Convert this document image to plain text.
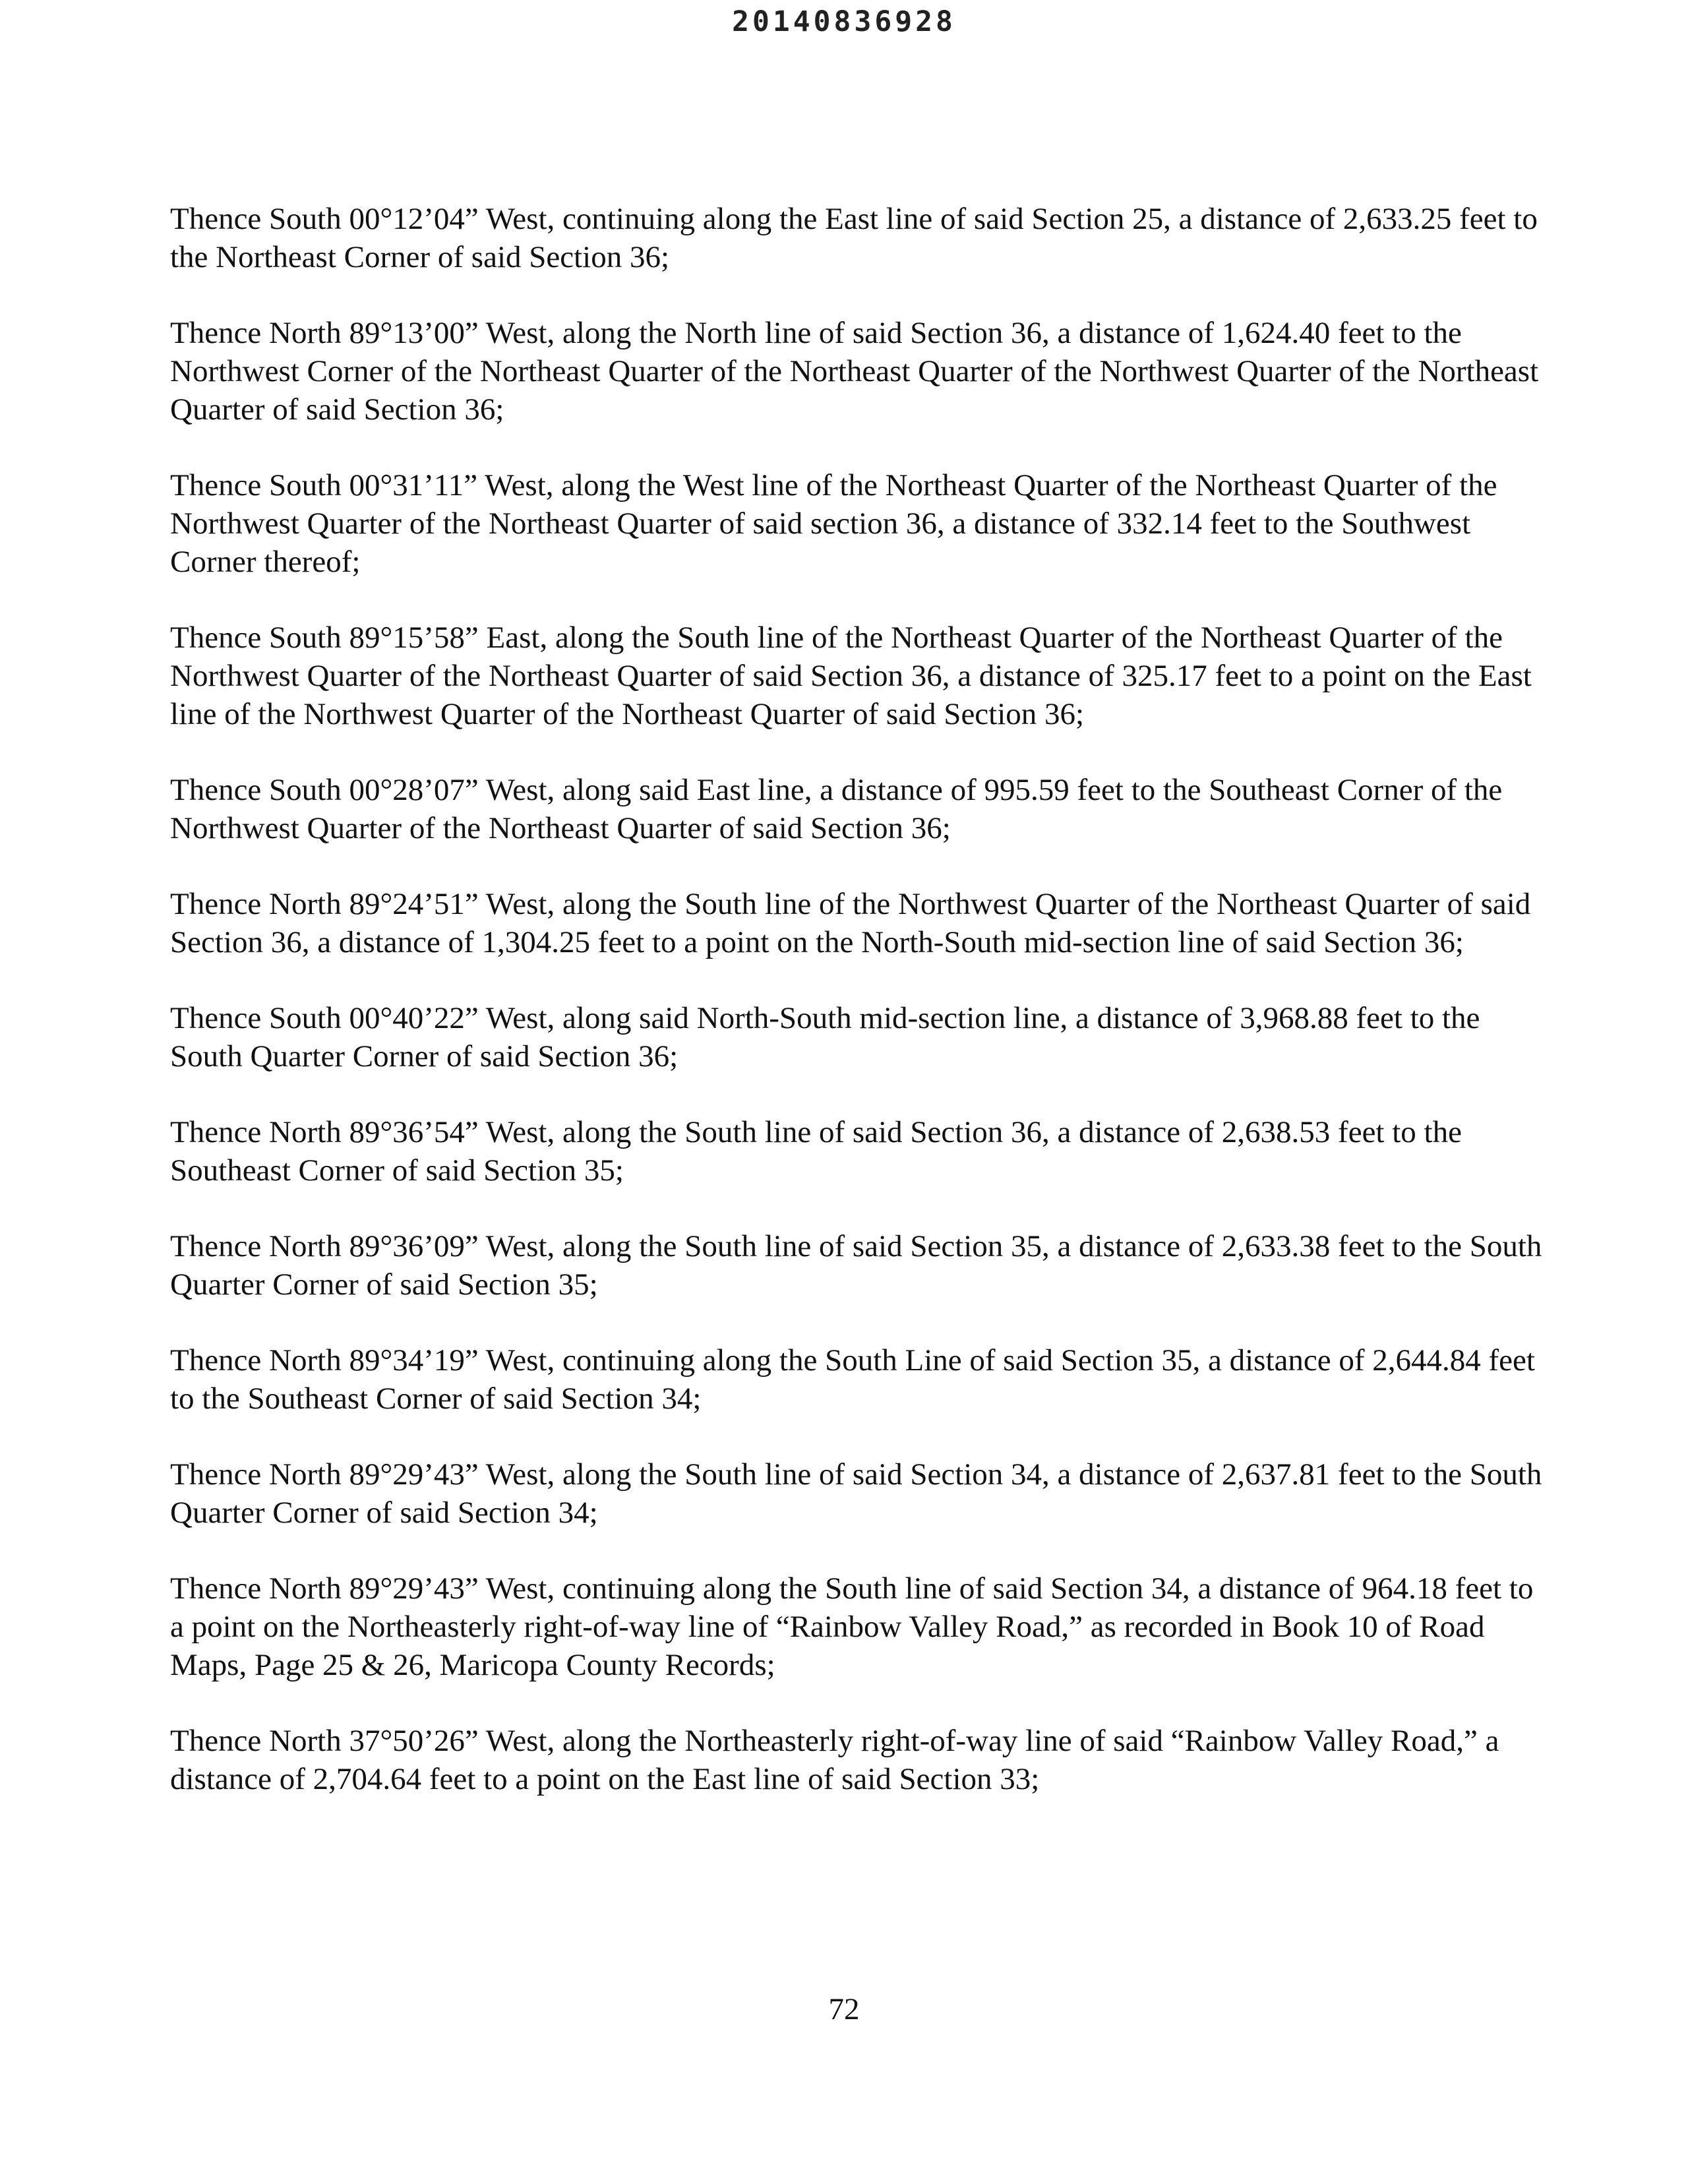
20140836928

Thence South 00°12’04” West, continuing along the East line of said Section 25, a distance of 2,633.25 feet to the Northeast Corner of said Section 36;

Thence North 89°13’00” West, along the North line of said Section 36, a distance of 1,624.40 feet to the Northwest Corner of the Northeast Quarter of the Northeast Quarter of the Northwest Quarter of the Northeast Quarter of said Section 36;

Thence South 00°31’11” West, along the West line of the Northeast Quarter of the Northeast Quarter of the Northwest Quarter of the Northeast Quarter of said section 36, a distance of 332.14 feet to the Southwest Corner thereof;

Thence South 89°15’58” East, along the South line of the Northeast Quarter of the Northeast Quarter of the Northwest Quarter of the Northeast Quarter of said Section 36, a distance of 325.17 feet to a point on the East line of the Northwest Quarter of the Northeast Quarter of said Section 36;

Thence South 00°28’07” West, along said East line, a distance of 995.59 feet to the Southeast Corner of the Northwest Quarter of the Northeast Quarter of said Section 36;

Thence North 89°24’51” West, along the South line of the Northwest Quarter of the Northeast Quarter of said Section 36, a distance of 1,304.25 feet to a point on the North-South mid-section line of said Section 36;

Thence South 00°40’22” West, along said North-South mid-section line, a distance of 3,968.88 feet to the South Quarter Corner of said Section 36;

Thence North 89°36’54” West, along the South line of said Section 36, a distance of 2,638.53 feet to the Southeast Corner of said Section 35;

Thence North 89°36’09” West, along the South line of said Section 35, a distance of 2,633.38 feet to the South Quarter Corner of said Section 35;

Thence North 89°34’19” West, continuing along the South Line of said Section 35, a distance of 2,644.84 feet to the Southeast Corner of said Section 34;

Thence North 89°29’43” West, along the South line of said Section 34, a distance of 2,637.81 feet to the South Quarter Corner of said Section 34;

Thence North 89°29’43” West, continuing along the South line of said Section 34, a distance of 964.18 feet to a point on the Northeasterly right-of-way line of “Rainbow Valley Road,” as recorded in Book 10 of Road Maps, Page 25 & 26, Maricopa County Records;

Thence North 37°50’26” West, along the Northeasterly right-of-way line of said “Rainbow Valley Road,” a distance of 2,704.64 feet to a point on the East line of said Section 33;

72
